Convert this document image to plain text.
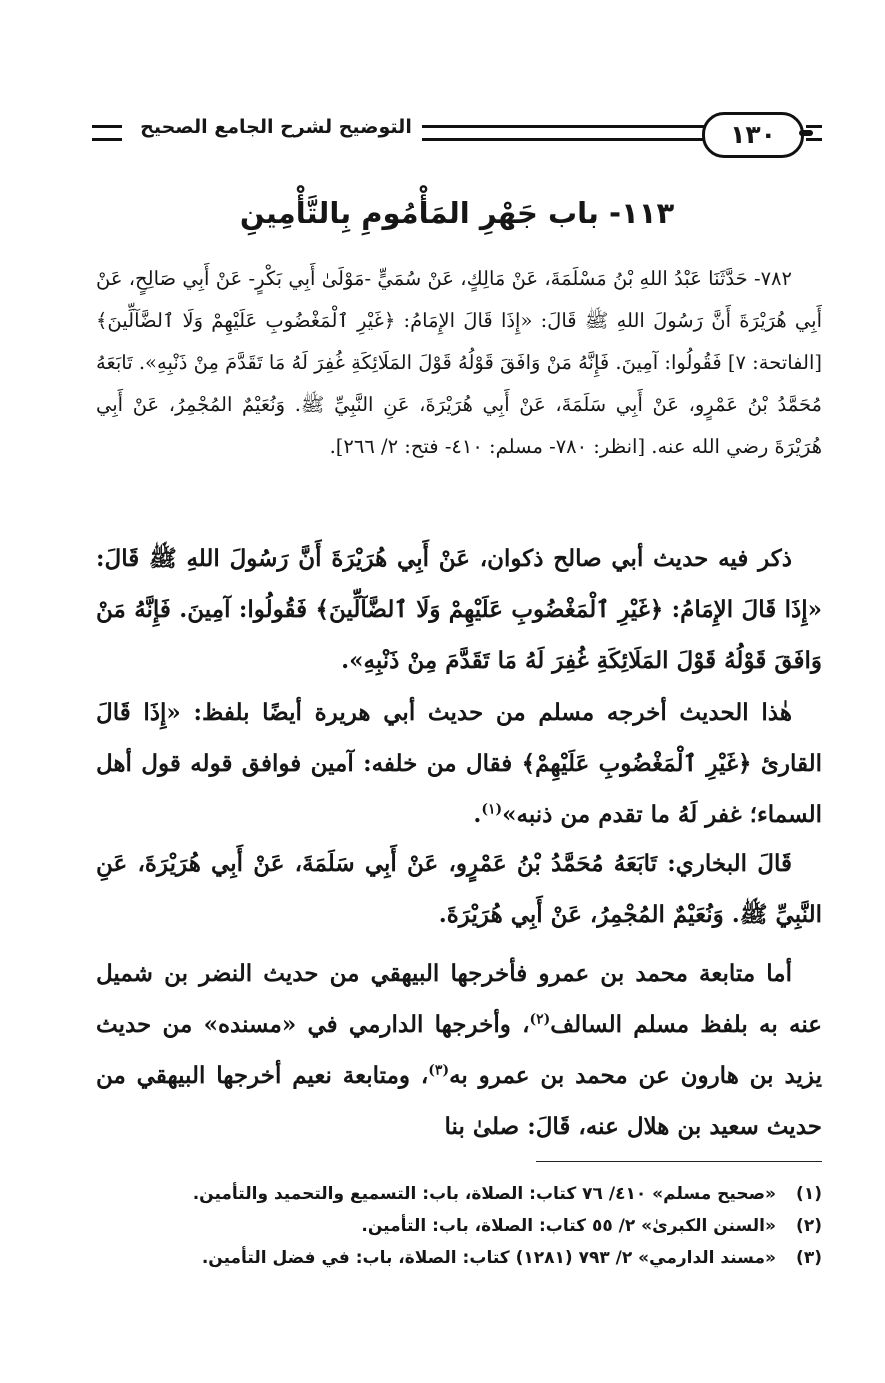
التوضيح لشرح الجامع الصحيح	١٣٠
١١٣- باب جَهْرِ المَأْمُومِ بِالتَّأْمِينِ

٧٨٢- حَدَّثَنَا عَبْدُ اللهِ بْنُ مَسْلَمَةَ، عَنْ مَالِكٍ، عَنْ سُمَيٍّ -مَوْلَىٰ أَبِي بَكْرٍ- عَنْ أَبِي صَالِحٍ، عَنْ أَبِي هُرَيْرَةَ أَنَّ رَسُولَ اللهِ ﷺ قَالَ: «إِذَا قَالَ الإِمَامُ: ﴿غَيْرِ ٱلْمَغْضُوبِ عَلَيْهِمْ وَلَا ٱلضَّآلِّينَ﴾ [الفاتحة: ٧] فَقُولُوا: آمِينَ. فَإِنَّهُ مَنْ وَافَقَ قَوْلُهُ قَوْلَ المَلَائِكَةِ غُفِرَ لَهُ مَا تَقَدَّمَ مِنْ ذَنْبِهِ». تَابَعَهُ مُحَمَّدُ بْنُ عَمْرٍو، عَنْ أَبِي سَلَمَةَ، عَنْ أَبِي هُرَيْرَةَ، عَنِ النَّبِيِّ ﷺ. وَنُعَيْمٌ المُجْمِرُ، عَنْ أَبِي هُرَيْرَةَ رضي الله عنه. [انظر: ٧٨٠- مسلم: ٤١٠- فتح: ٢/ ٢٦٦].

ذكر فيه حديث أبي صالح ذكوان، عَنْ أَبِي هُرَيْرَةَ أَنَّ رَسُولَ اللهِ ﷺ قَالَ: «إِذَا قَالَ الإِمَامُ: ﴿غَيْرِ ٱلْمَغْضُوبِ عَلَيْهِمْ وَلَا ٱلضَّآلِّينَ﴾ فَقُولُوا: آمِينَ. فَإِنَّهُ مَنْ وَافَقَ قَوْلُهُ قَوْلَ المَلَائِكَةِ غُفِرَ لَهُ مَا تَقَدَّمَ مِنْ ذَنْبِهِ».

هٰذا الحديث أخرجه مسلم من حديث أبي هريرة أيضًا بلفظ: «إِذَا قَالَ القارئ ﴿غَيْرِ ٱلْمَغْضُوبِ عَلَيْهِمْ﴾ فقال من خلفه: آمين فوافق قوله قول أهل السماء؛ غفر لَهُ ما تقدم من ذنبه»$^{(١)}$.

قَالَ البخاري: تَابَعَهُ مُحَمَّدُ بْنُ عَمْرٍو، عَنْ أَبِي سَلَمَةَ، عَنْ أَبِي هُرَيْرَةَ، عَنِ النَّبِيِّ ﷺ. وَنُعَيْمٌ المُجْمِرُ، عَنْ أَبِي هُرَيْرَةَ.

أما متابعة محمد بن عمرو فأخرجها البيهقي من حديث النضر بن شميل عنه به بلفظ مسلم السالف$^{(٢)}$، وأخرجها الدارمي في «مسنده» من حديث يزيد بن هارون عن محمد بن عمرو به$^{(٣)}$، ومتابعة نعيم أخرجها البيهقي من حديث سعيد بن هلال عنه، قَالَ: صلىٰ بنا

(١)
«صحيح مسلم» ٤١٠/ ٧٦ كتاب: الصلاة، باب: التسميع والتحميد والتأمين.
(٢)
«السنن الكبرىٰ» ٢/ ٥٥ كتاب: الصلاة، باب: التأمين.
(٣)
«مسند الدارمي» ٢/ ٧٩٣ (١٢٨١) كتاب: الصلاة، باب: في فضل التأمين.
